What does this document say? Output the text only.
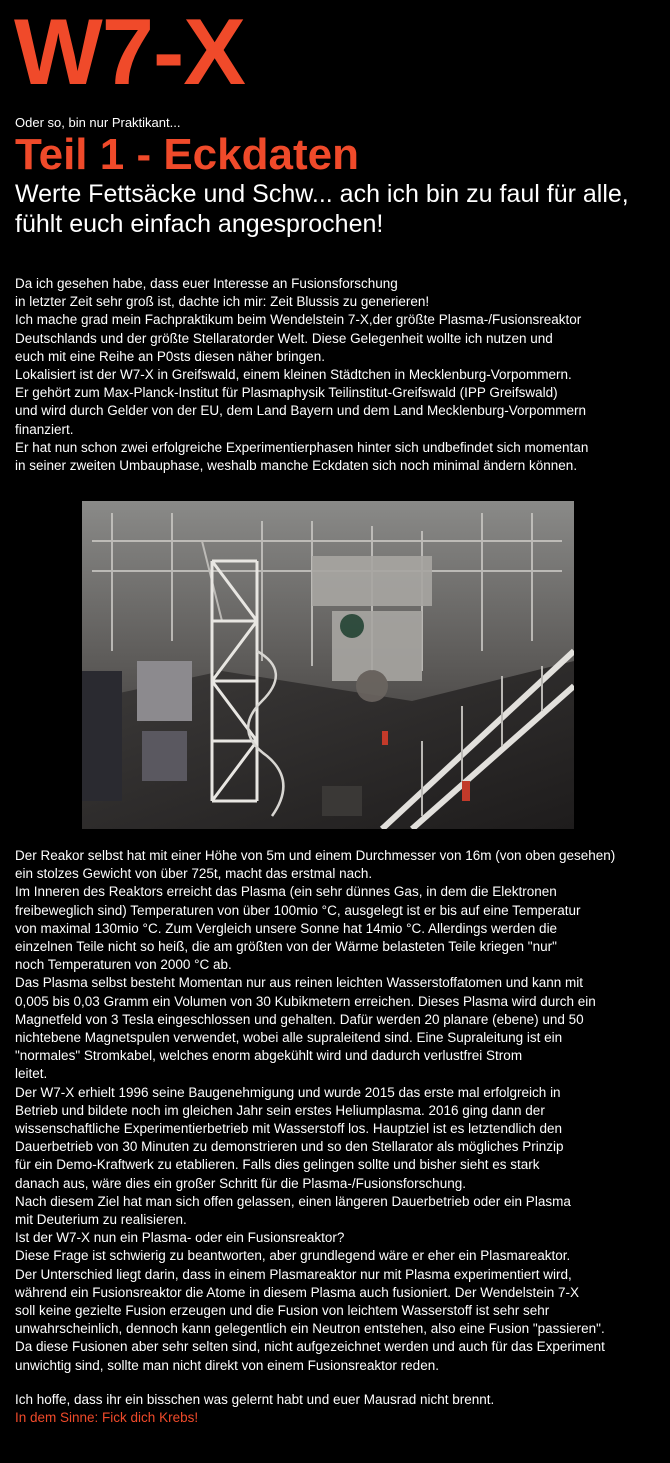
W7-X

Oder so, bin nur Praktikant...

Teil 1 - Eckdaten

Werte Fettsäcke und Schw... ach ich bin zu faul für alle, fühlt euch einfach angesprochen!

Da ich gesehen habe, dass euer Interesse an Fusionsforschung
in letzter Zeit sehr groß ist, dachte ich mir: Zeit Blussis zu generieren!
Ich mache grad mein Fachpraktikum beim Wendelstein 7-X,der größte Plasma-/Fusionsreaktor
Deutschlands und der größte Stellaratorder Welt. Diese Gelegenheit wollte ich nutzen und
euch mit eine Reihe an P0sts diesen näher bringen.
Lokalisiert ist der W7-X in Greifswald, einem kleinen Städtchen in Mecklenburg-Vorpommern.
Er gehört zum Max-Planck-Institut für Plasmaphysik Teilinstitut-Greifswald (IPP Greifswald)
und wird durch Gelder von der EU, dem Land Bayern und dem Land Mecklenburg-Vorpommern
finanziert.
Er hat nun schon zwei erfolgreiche Experimentierphasen hinter sich undbefindet sich momentan
in seiner zweiten Umbauphase, weshalb manche Eckdaten sich noch minimal ändern können.
Der Reakor selbst hat mit einer Höhe von 5m und einem Durchmesser von 16m (von oben gesehen)
ein stolzes Gewicht von über 725t, macht das erstmal nach.
Im Inneren des Reaktors erreicht das Plasma (ein sehr dünnes Gas, in dem die Elektronen
freibeweglich sind) Temperaturen von über 100mio °C, ausgelegt ist er bis auf eine Temperatur
von maximal 130mio °C. Zum Vergleich unsere Sonne hat 14mio °C. Allerdings werden die
einzelnen Teile nicht so heiß, die am größten von der Wärme belasteten Teile kriegen "nur"
noch Temperaturen von 2000 °C ab.
Das Plasma selbst besteht Momentan nur aus reinen leichten Wasserstoffatomen und kann mit
0,005 bis 0,03 Gramm ein Volumen von 30 Kubikmetern erreichen. Dieses Plasma wird durch ein
Magnetfeld von 3 Tesla eingeschlossen und gehalten. Dafür werden 20 planare (ebene) und 50
nichtebene Magnetspulen verwendet, wobei alle supraleitend sind. Eine Supraleitung ist ein
"normales" Stromkabel, welches enorm abgekühlt wird und dadurch verlustfrei Strom
leitet.
Der W7-X erhielt 1996 seine Baugenehmigung und wurde 2015 das erste mal erfolgreich in
Betrieb und bildete noch im gleichen Jahr sein erstes Heliumplasma. 2016 ging dann der
wissenschaftliche Experimentierbetrieb mit Wasserstoff los. Hauptziel ist es letztendlich den
Dauerbetrieb von 30 Minuten zu demonstrieren und so den Stellarator als mögliches Prinzip
für ein Demo-Kraftwerk zu etablieren. Falls dies gelingen sollte und bisher sieht es stark
danach aus, wäre dies ein großer Schritt für die Plasma-/Fusionsforschung.
Nach diesem Ziel hat man sich offen gelassen, einen längeren Dauerbetrieb oder ein Plasma
mit Deuterium zu realisieren.
Ist der W7-X nun ein Plasma- oder ein Fusionsreaktor?
Diese Frage ist schwierig zu beantworten, aber grundlegend wäre er eher ein Plasmareaktor.
Der Unterschied liegt darin, dass in einem Plasmareaktor nur mit Plasma experimentiert wird,
während ein Fusionsreaktor die Atome in diesem Plasma auch fusioniert. Der Wendelstein 7-X
soll keine gezielte Fusion erzeugen und die Fusion von leichtem Wasserstoff ist sehr sehr
unwahrscheinlich, dennoch kann gelegentlich ein Neutron entstehen, also eine Fusion "passieren".
Da diese Fusionen aber sehr selten sind, nicht aufgezeichnet werden und auch für das Experiment
unwichtig sind, sollte man nicht direkt von einem Fusionsreaktor reden.
Ich hoffe, dass ihr ein bisschen was gelernt habt und euer Mausrad nicht brennt.
In dem Sinne: Fick dich Krebs!
